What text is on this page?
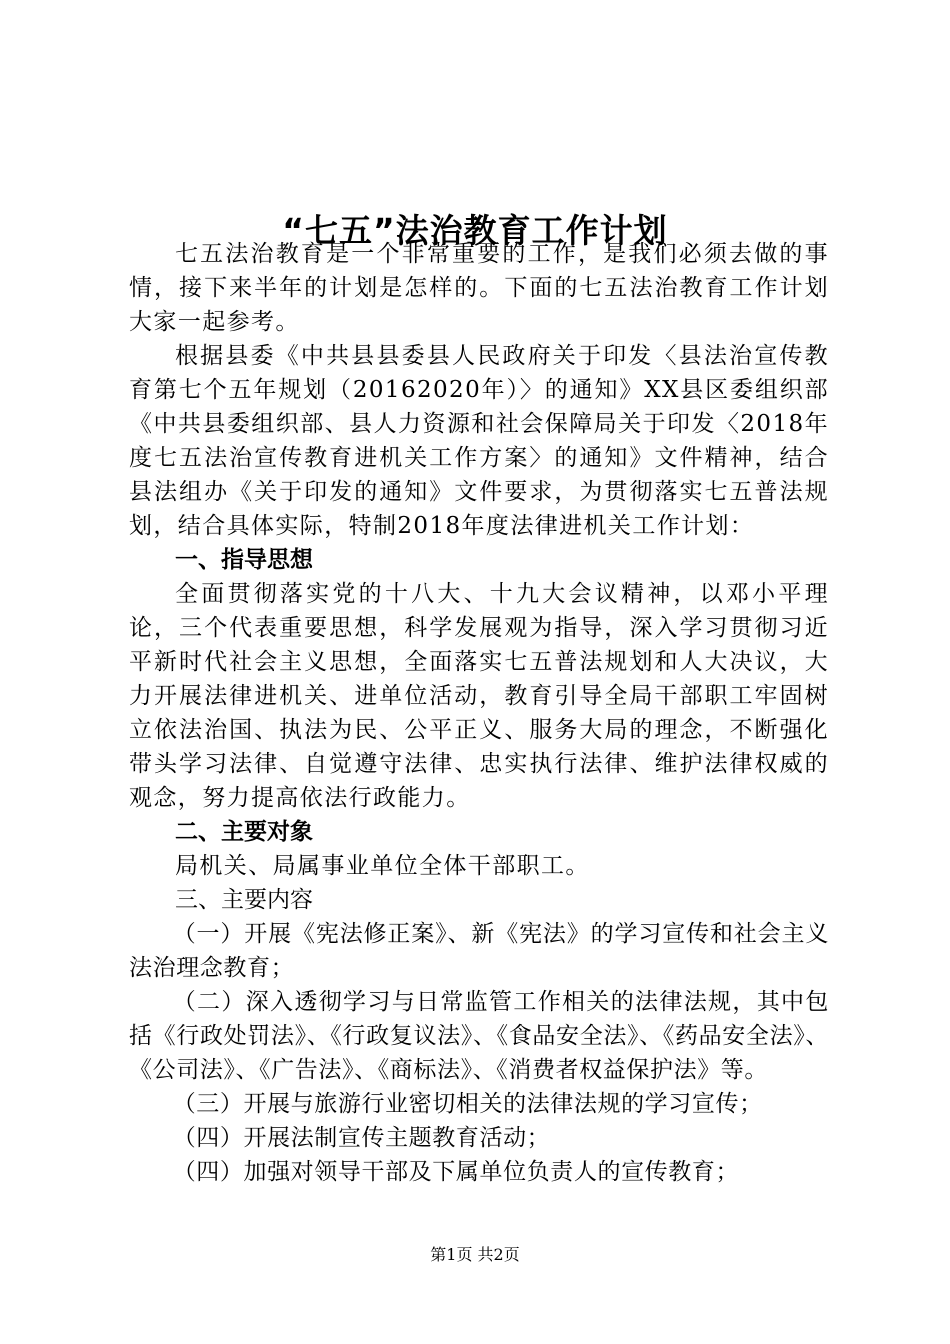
“七五”法治教育工作计划

七五法治教育是一个非常重要的工作，是我们必须去做的事情，接下来半年的计划是怎样的。下面的七五法治教育工作计划大家一起参考。

根据县委《中共县县委县人民政府关于印发〈县法治宣传教育第七个五年规划（20162020年）〉的通知》XX县区委组织部《中共县委组织部、县人力资源和社会保障局关于印发〈2018年度七五法治宣传教育进机关工作方案〉的通知》文件精神，结合县法组办《关于印发的通知》文件要求，为贯彻落实七五普法规划，结合具体实际，特制2018年度法律进机关工作计划：

一、指导思想

全面贯彻落实党的十八大、十九大会议精神，以邓小平理论，三个代表重要思想，科学发展观为指导，深入学习贯彻习近平新时代社会主义思想，全面落实七五普法规划和人大决议，大力开展法律进机关、进单位活动，教育引导全局干部职工牢固树立依法治国、执法为民、公平正义、服务大局的理念，不断强化带头学习法律、自觉遵守法律、忠实执行法律、维护法律权威的观念，努力提高依法行政能力。

二、主要对象

局机关、局属事业单位全体干部职工。

三、主要内容

（一）开展《宪法修正案》、新《宪法》的学习宣传和社会主义法治理念教育；

（二）深入透彻学习与日常监管工作相关的法律法规，其中包括《行政处罚法》、《行政复议法》、《食品安全法》、《药品安全法》、《公司法》、《广告法》、《商标法》、《消费者权益保护法》等。

（三）开展与旅游行业密切相关的法律法规的学习宣传；

（四）开展法制宣传主题教育活动；

（四）加强对领导干部及下属单位负责人的宣传教育；

第1页 共2页
